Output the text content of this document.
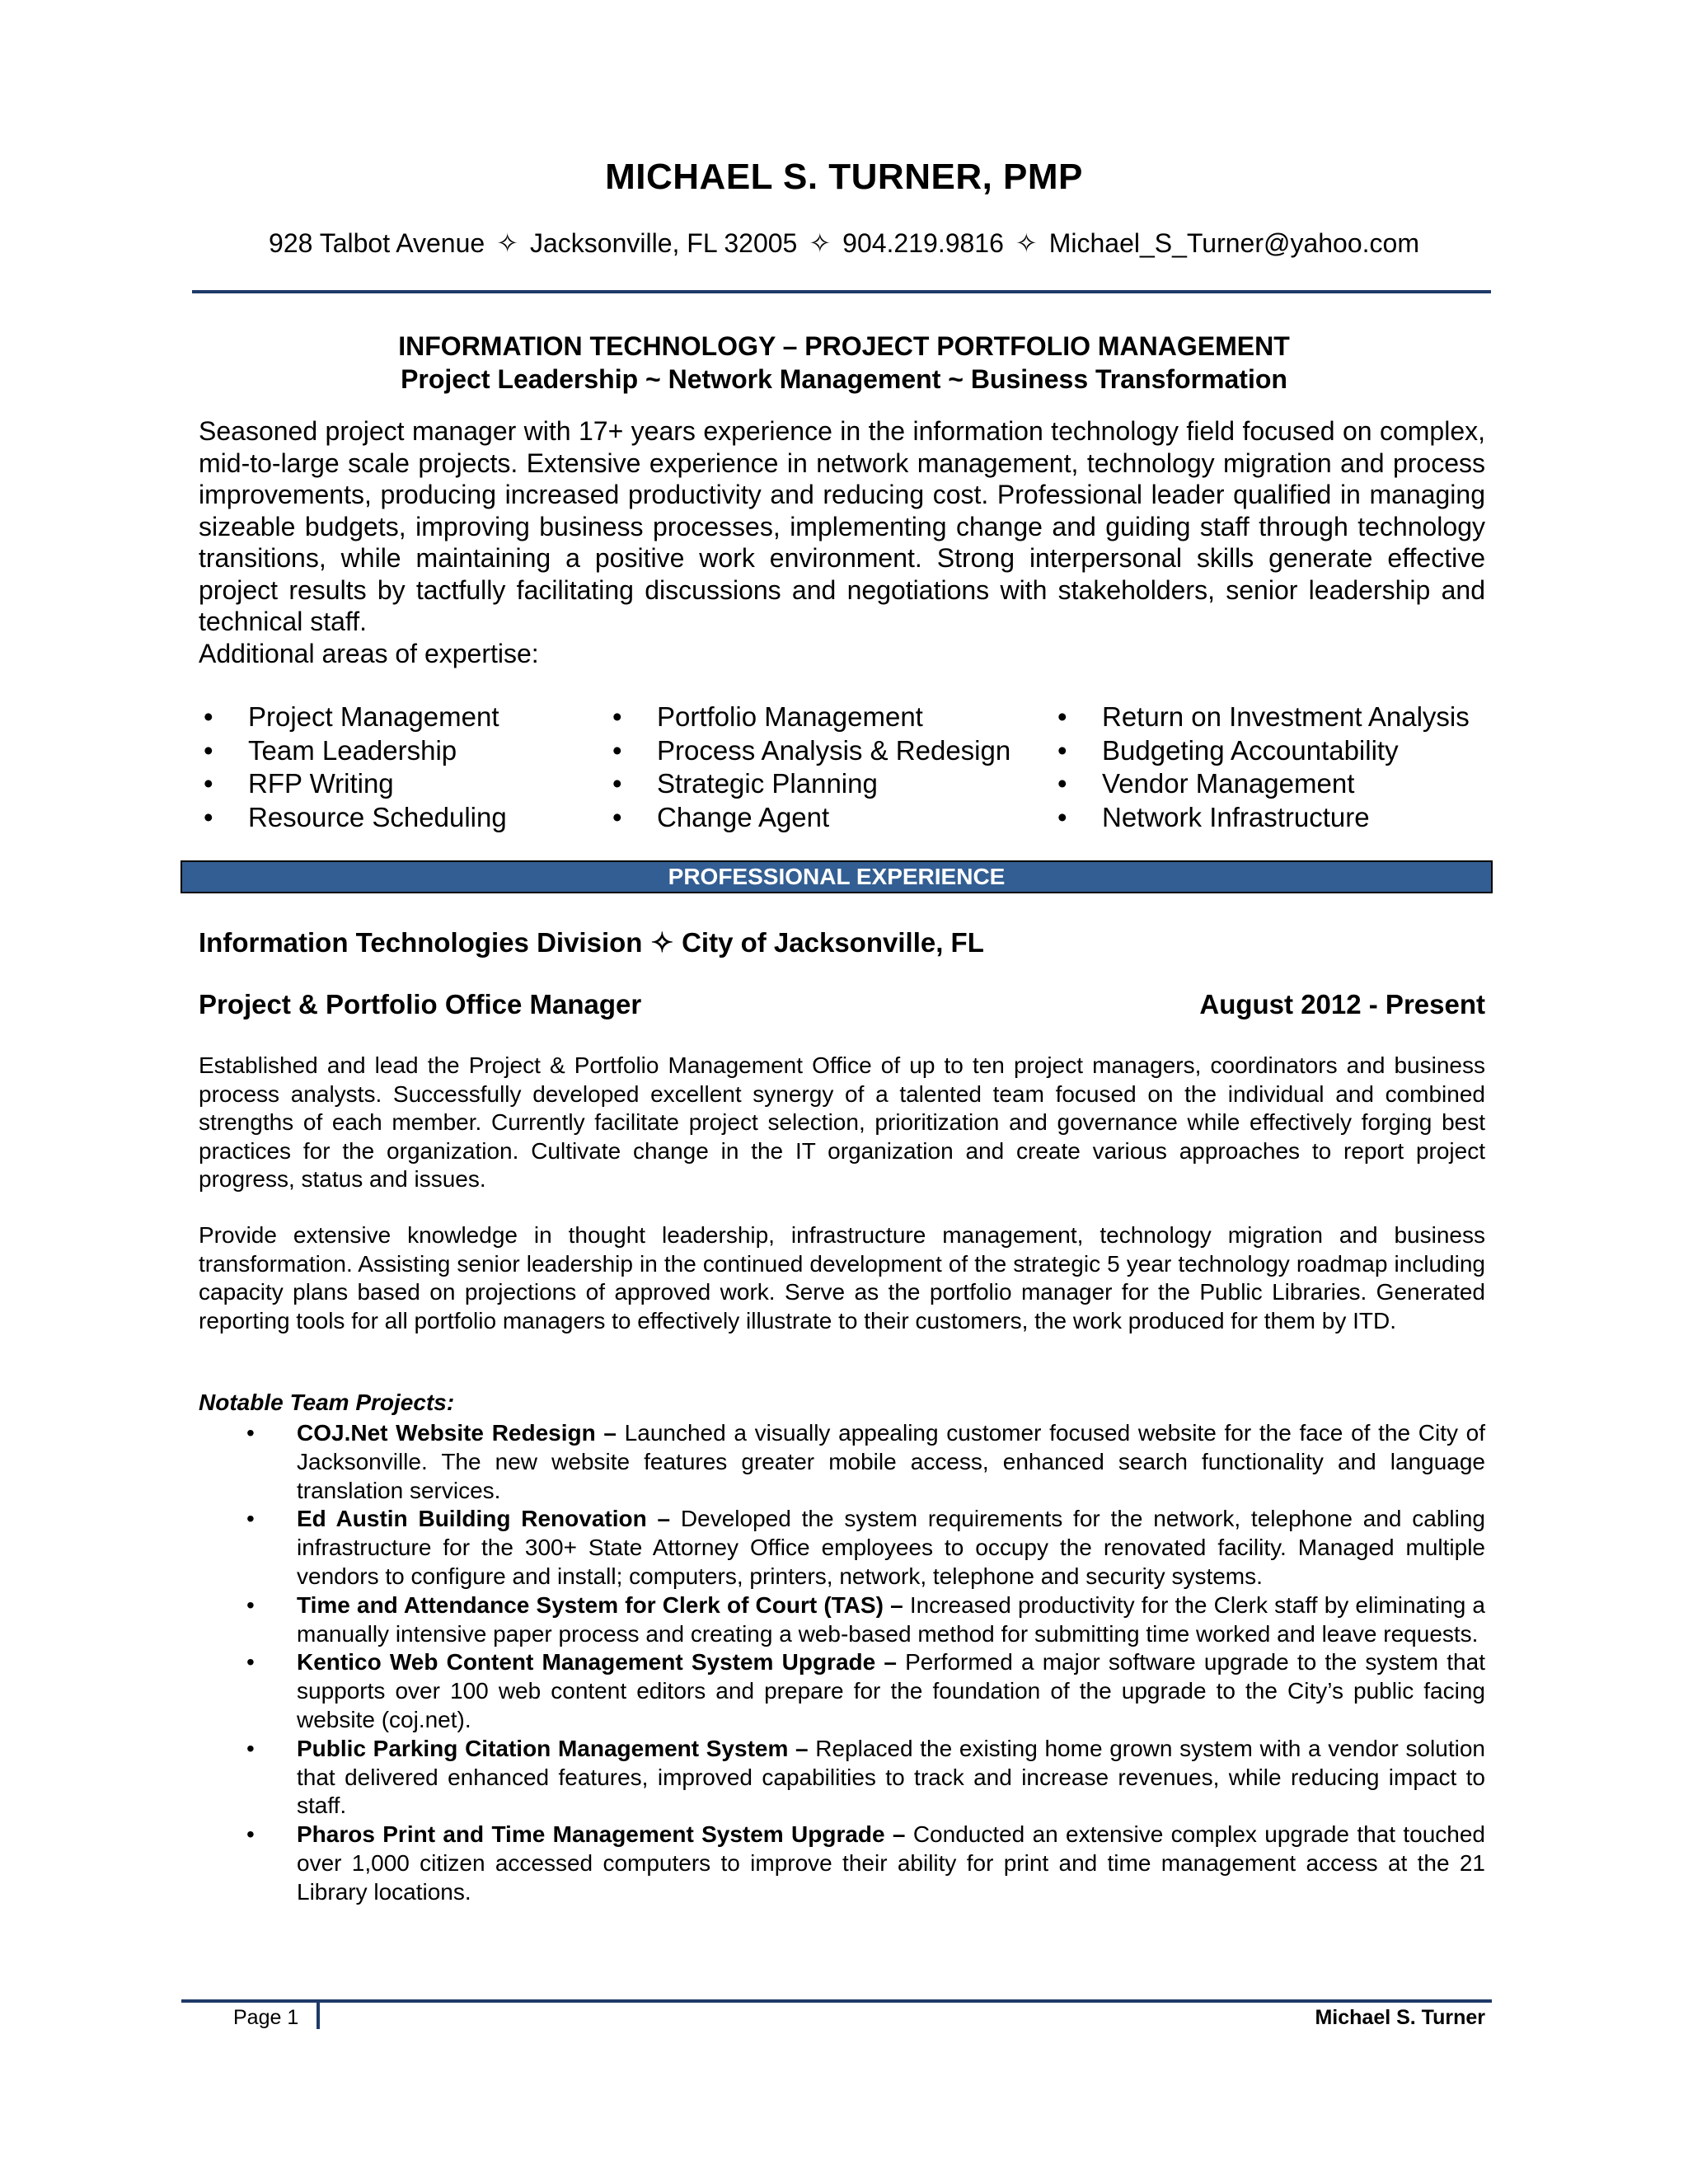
MICHAEL S. TURNER, PMP
928 Talbot Avenue ✧ Jacksonville, FL 32005 ✧ 904.219.9816 ✧ Michael_S_Turner@yahoo.com
INFORMATION TECHNOLOGY – PROJECT PORTFOLIO MANAGEMENT
Project Leadership ~ Network Management ~ Business Transformation

Seasoned project manager with 17+ years experience in the information technology field focused on complex, mid-to-large scale projects. Extensive experience in network management, technology migration and process improvements, producing increased productivity and reducing cost. Professional leader qualified in managing sizeable budgets, improving business processes, implementing change and guiding staff through technology transitions, while maintaining a positive work environment. Strong interpersonal skills generate effective project results by tactfully facilitating discussions and negotiations with stakeholders, senior leadership and technical staff.

Additional areas of expertise:

• Project Management
• Team Leadership
• RFP Writing
• Resource Scheduling
• Portfolio Management
• Process Analysis & Redesign
• Strategic Planning
• Change Agent
• Return on Investment Analysis
• Budgeting Accountability
• Vendor Management
• Network Infrastructure
PROFESSIONAL EXPERIENCE
Information Technologies Division ✧ City of Jacksonville, FL
Project & Portfolio Office Manager	August 2012 - Present

Established and lead the Project & Portfolio Management Office of up to ten project managers, coordinators and business process analysts. Successfully developed excellent synergy of a talented team focused on the individual and combined strengths of each member. Currently facilitate project selection, prioritization and governance while effectively forging best practices for the organization. Cultivate change in the IT organization and create various approaches to report project progress, status and issues.

Provide extensive knowledge in thought leadership, infrastructure management, technology migration and business transformation. Assisting senior leadership in the continued development of the strategic 5 year technology roadmap including capacity plans based on projections of approved work. Serve as the portfolio manager for the Public Libraries. Generated reporting tools for all portfolio managers to effectively illustrate to their customers, the work produced for them by ITD.

Notable Team Projects:
• COJ.Net Website Redesign – Launched a visually appealing customer focused website for the face of the City of Jacksonville. The new website features greater mobile access, enhanced search functionality and language translation services.
• Ed Austin Building Renovation – Developed the system requirements for the network, telephone and cabling infrastructure for the 300+ State Attorney Office employees to occupy the renovated facility. Managed multiple vendors to configure and install; computers, printers, network, telephone and security systems.
• Time and Attendance System for Clerk of Court (TAS) – Increased productivity for the Clerk staff by eliminating a manually intensive paper process and creating a web-based method for submitting time worked and leave requests.
• Kentico Web Content Management System Upgrade – Performed a major software upgrade to the system that supports over 100 web content editors and prepare for the foundation of the upgrade to the City’s public facing website (coj.net).
• Public Parking Citation Management System – Replaced the existing home grown system with a vendor solution that delivered enhanced features, improved capabilities to track and increase revenues, while reducing impact to staff.
• Pharos Print and Time Management System Upgrade – Conducted an extensive complex upgrade that touched over 1,000 citizen accessed computers to improve their ability for print and time management access at the 21 Library locations.
Page 1	Michael S. Turner
